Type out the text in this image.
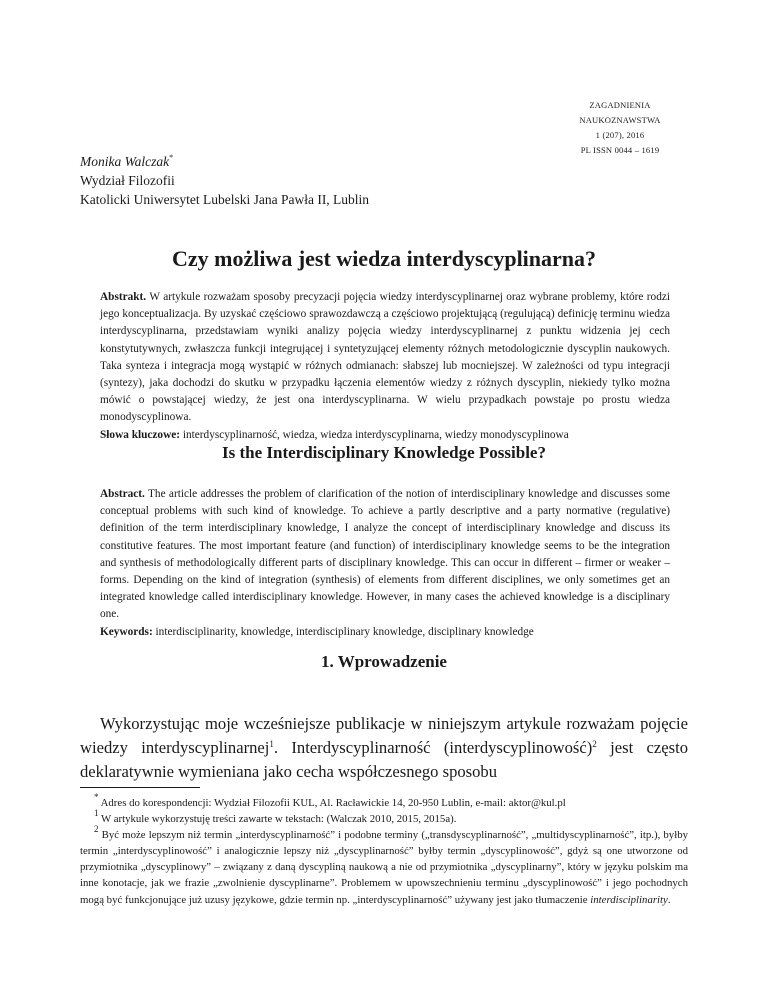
ZAGADNIENIA
NAUKOZNAWSTWA
1 (207), 2016
PL ISSN 0044 – 1619
Monika Walczak*
Wydział Filozofii
Katolicki Uniwersytet Lubelski Jana Pawła II, Lublin
Czy możliwa jest wiedza interdyscyplinarna?
Abstrakt. W artykule rozważam sposoby precyzacji pojęcia wiedzy interdyscyplinarnej oraz wybrane problemy, które rodzi jego konceptualizacja. By uzyskać częściowo sprawozdawczą a częściowo projektującą (regulującą) definicję terminu wiedza interdyscyplinarna, przedstawiam wyniki analizy pojęcia wiedzy interdyscyplinarnej z punktu widzenia jej cech konstytutywnych, zwłaszcza funkcji integrującej i syntetyzującej elementy różnych metodologicznie dyscyplin naukowych. Taka synteza i integracja mogą wystąpić w różnych odmianach: słabszej lub mocniejszej. W zależności od typu integracji (syntezy), jaka dochodzi do skutku w przypadku łączenia elementów wiedzy z różnych dyscyplin, niekiedy tylko można mówić o powstającej wiedzy, że jest ona interdyscyplinarna. W wielu przypadkach powstaje po prostu wiedza monodyscyplinowa.
Słowa kluczowe: interdyscyplinarność, wiedza, wiedza interdyscyplinarna, wiedzy monodyscyplinowa
Is the Interdisciplinary Knowledge Possible?
Abstract. The article addresses the problem of clarification of the notion of interdisciplinary knowledge and discusses some conceptual problems with such kind of knowledge. To achieve a partly descriptive and a party normative (regulative) definition of the term interdisciplinary knowledge, I analyze the concept of interdisciplinary knowledge and discuss its constitutive features. The most important feature (and function) of interdisciplinary knowledge seems to be the integration and synthesis of methodologically different parts of disciplinary knowledge. This can occur in different – firmer or weaker – forms. Depending on the kind of integration (synthesis) of elements from different disciplines, we only sometimes get an integrated knowledge called interdisciplinary knowledge. However, in many cases the achieved knowledge is a disciplinary one.
Keywords: interdisciplinarity, knowledge, interdisciplinary knowledge, disciplinary knowledge
1. Wprowadzenie
Wykorzystując moje wcześniejsze publikacje w niniejszym artykule rozważam pojęcie wiedzy interdyscyplinarnej$^1$. Interdyscyplinarność (interdyscyplinowość)$^2$ jest często deklaratywnie wymieniana jako cecha współczesnego sposobu
* Adres do korespondencji: Wydział Filozofii KUL, Al. Racławickie 14, 20-950 Lublin, e-mail: aktor@kul.pl
$^1$ W artykule wykorzystuję treści zawarte w tekstach: (Walczak 2010, 2015, 2015a).
$^2$ Być może lepszym niż termin „interdyscyplinarność” i podobne terminy („transdyscyplinarność”, „multidyscyplinarność”, itp.), byłby termin „interdyscyplinowość” i analogicznie lepszy niż „dyscyplinarność” byłby termin „dyscyplinowość”, gdyż są one utworzone od przymiotnika „dyscyplinowy” – związany z daną dyscypliną naukową a nie od przymiotnika „dyscyplinarny”, który w języku polskim ma inne konotacje, jak we frazie „zwolnienie dyscyplinarne”. Problemem w upowszechnieniu terminu „dyscyplinowość” i jego pochodnych mogą być funkcjonujące już uzusy językowe, gdzie termin np. „interdyscyplinarność” używany jest jako tłumaczenie interdisciplinarity.
